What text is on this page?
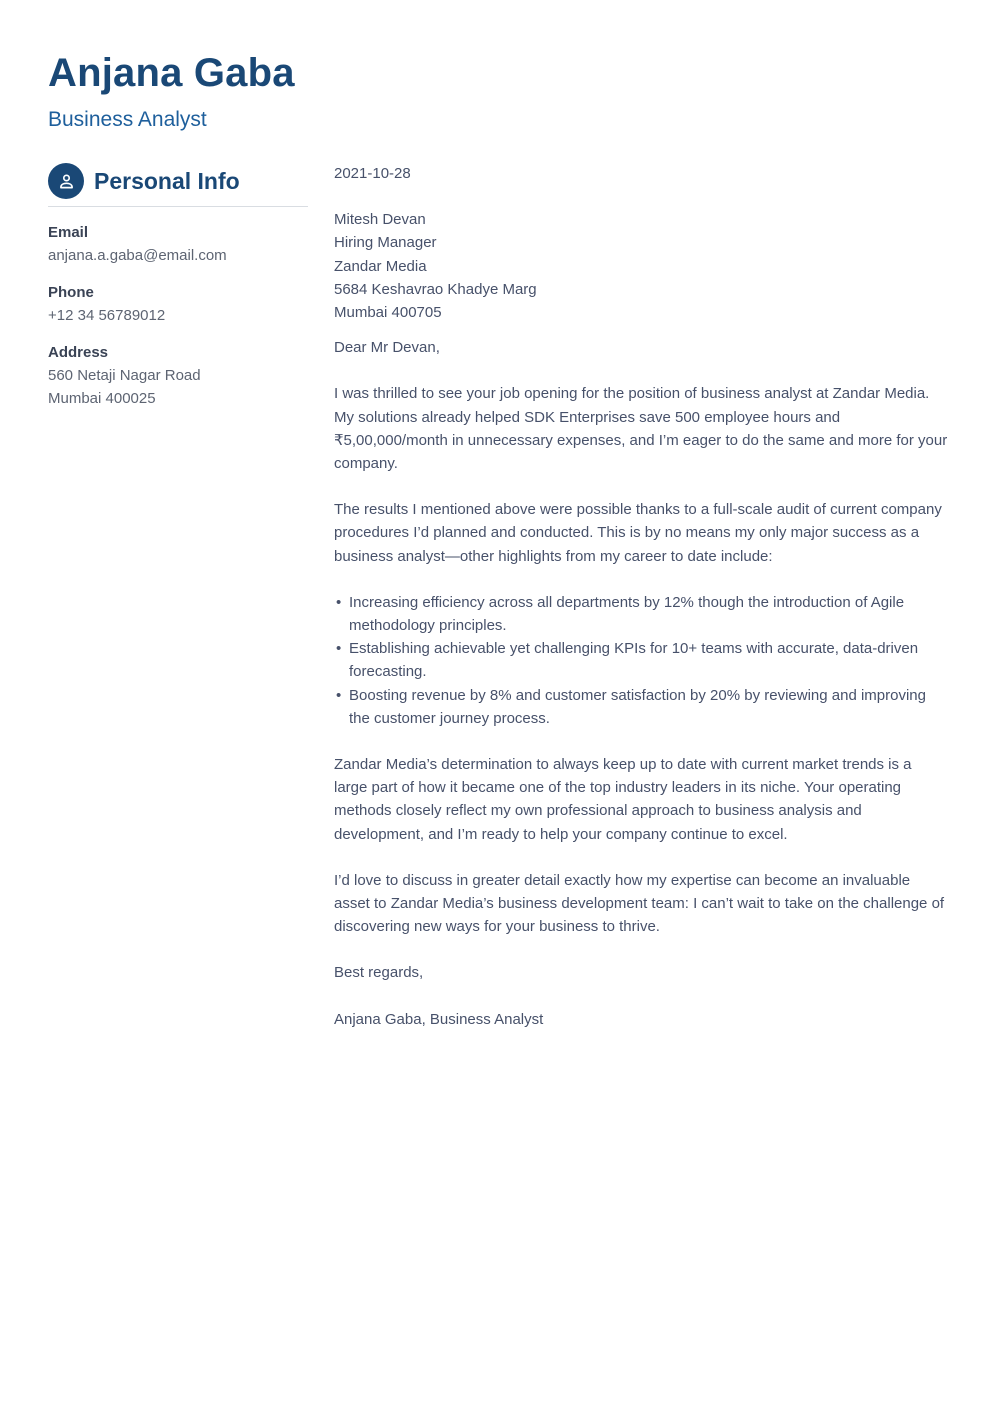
Anjana Gaba
Business Analyst
Personal Info
Email
anjana.a.gaba@email.com
Phone
+12 34 56789012
Address
560 Netaji Nagar Road
Mumbai 400025

2021-10-28

Mitesh Devan
Hiring Manager
Zandar Media
5684 Keshavrao Khadye Marg
Mumbai 400705

Dear Mr Devan,

I was thrilled to see your job opening for the position of business analyst at Zandar Media. My solutions already helped SDK Enterprises save 500 employee hours and ₹5,00,000/month in unnecessary expenses, and I’m eager to do the same and more for your company.

The results I mentioned above were possible thanks to a full-scale audit of current company procedures I’d planned and conducted. This is by no means my only major success as a business analyst—other highlights from my career to date include:

• Increasing efficiency across all departments by 12% though the introduction of Agile methodology principles.
• Establishing achievable yet challenging KPIs for 10+ teams with accurate, data-driven forecasting.
• Boosting revenue by 8% and customer satisfaction by 20% by reviewing and improving the customer journey process.

Zandar Media’s determination to always keep up to date with current market trends is a large part of how it became one of the top industry leaders in its niche. Your operating methods closely reflect my own professional approach to business analysis and development, and I’m ready to help your company continue to excel.

I’d love to discuss in greater detail exactly how my expertise can become an invaluable asset to Zandar Media’s business development team: I can’t wait to take on the challenge of discovering new ways for your business to thrive.

Best regards,

Anjana Gaba, Business Analyst
